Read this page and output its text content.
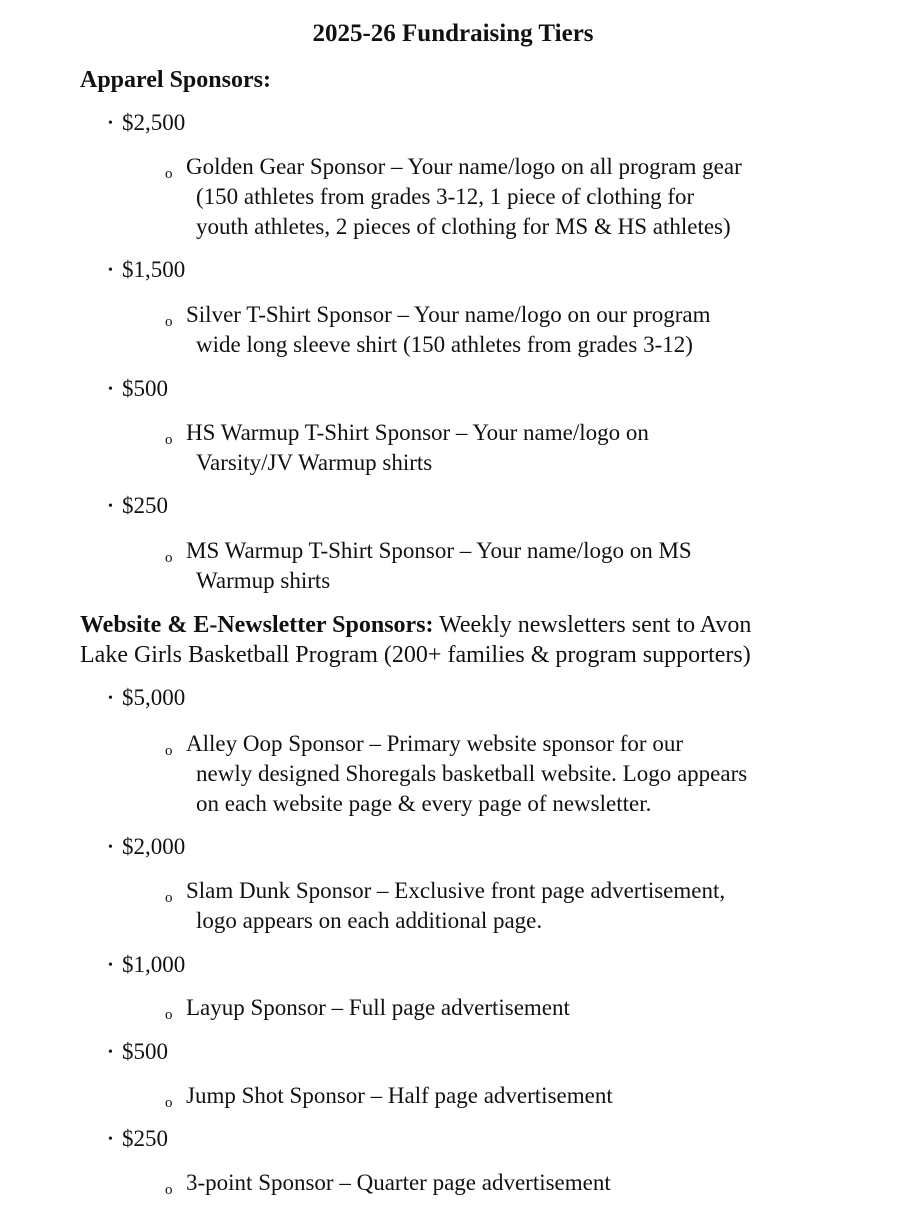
2025-26 Fundraising Tiers
Apparel Sponsors:
• $2,500
o Golden Gear Sponsor – Your name/logo on all program gear
(150 athletes from grades 3-12, 1 piece of clothing for
youth athletes, 2 pieces of clothing for MS & HS athletes)
• $1,500
o Silver T-Shirt Sponsor – Your name/logo on our program
wide long sleeve shirt (150 athletes from grades 3-12)
• $500
o HS Warmup T-Shirt Sponsor – Your name/logo on
Varsity/JV Warmup shirts
• $250
o MS Warmup T-Shirt Sponsor – Your name/logo on MS
Warmup shirts
Website & E-Newsletter Sponsors: Weekly newsletters sent to Avon
Lake Girls Basketball Program (200+ families & program supporters)
• $5,000
o Alley Oop Sponsor – Primary website sponsor for our
newly designed Shoregals basketball website. Logo appears
on each website page & every page of newsletter.
• $2,000
o Slam Dunk Sponsor – Exclusive front page advertisement,
logo appears on each additional page.
• $1,000
o Layup Sponsor – Full page advertisement
• $500
o Jump Shot Sponsor – Half page advertisement
• $250
o 3-point Sponsor – Quarter page advertisement
